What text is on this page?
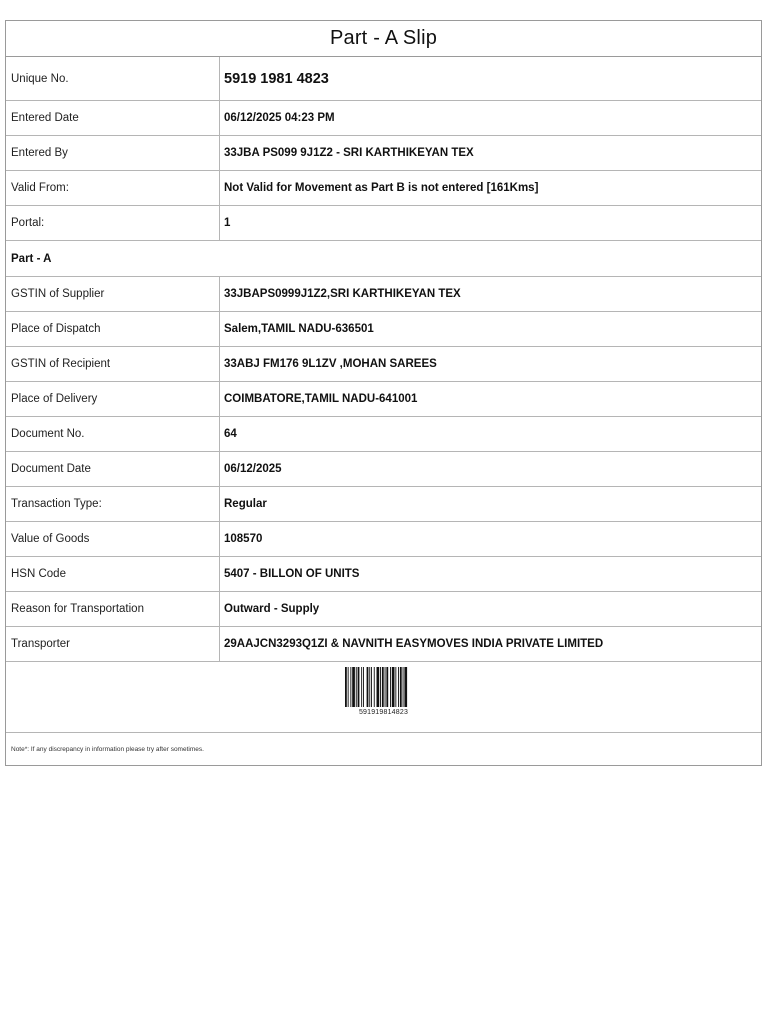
Part - A Slip
Unique No.	5919 1981 4823
Entered Date	06/12/2025 04:23 PM
Entered By	33JBA PS099 9J1Z2 - SRI KARTHIKEYAN TEX
Valid From:	Not Valid for Movement as Part B is not entered [161Kms]
Portal:	1
Part - A
GSTIN of Supplier	33JBAPS0999J1Z2,SRI KARTHIKEYAN TEX
Place of Dispatch	Salem,TAMIL NADU-636501
GSTIN of Recipient	33ABJ FM176 9L1ZV ,MOHAN SAREES
Place of Delivery	COIMBATORE,TAMIL NADU-641001
Document No.	64
Document Date	06/12/2025
Transaction Type:	Regular
Value of Goods	108570
HSN Code	5407 - BILLON OF UNITS
Reason for Transportation	Outward - Supply
Transporter	29AAJCN3293Q1ZI & NAVNITH EASYMOVES INDIA PRIVATE LIMITED
591919814823
Note*: If any discrepancy in information please try after sometimes.
